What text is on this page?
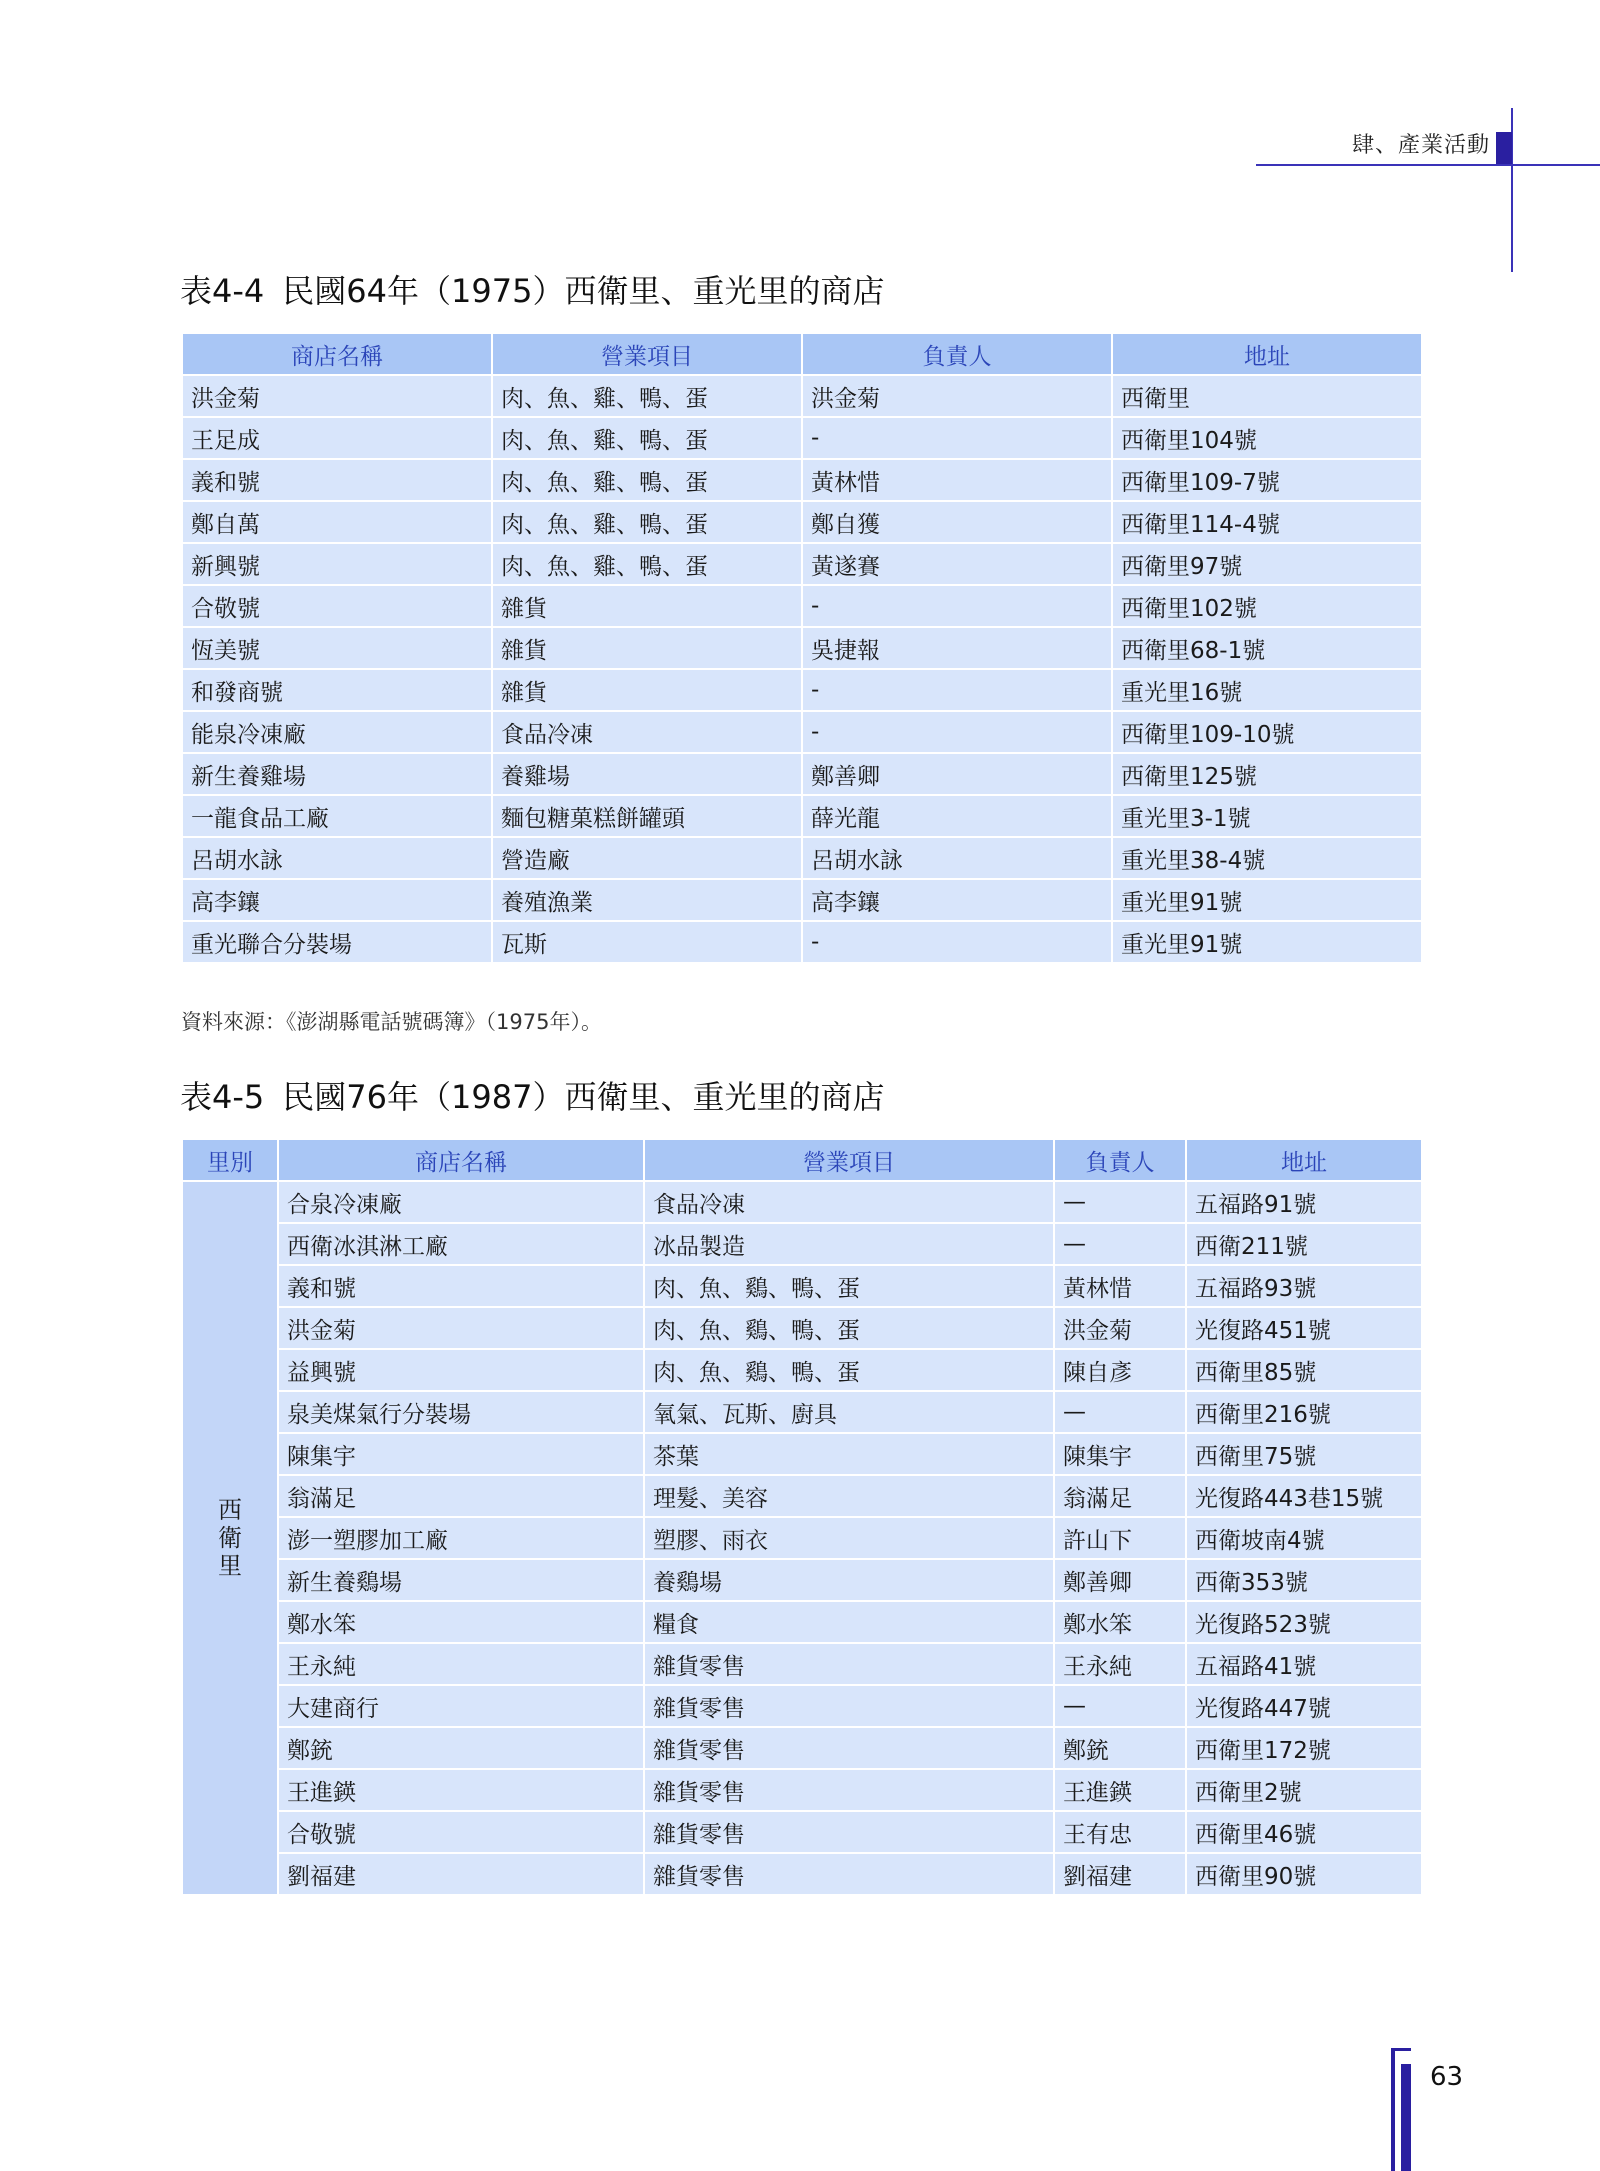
肆、產業活動
表4-4 民國64年（1975）西衛里、重光里的商店
商店名稱	營業項目	負責人	地址
洪金菊	肉、魚、雞、鴨、蛋	洪金菊	西衛里
王足成	肉、魚、雞、鴨、蛋	-	西衛里104號
義和號	肉、魚、雞、鴨、蛋	黃林惜	西衛里109-7號
鄭自萬	肉、魚、雞、鴨、蛋	鄭自獲	西衛里114-4號
新興號	肉、魚、雞、鴨、蛋	黃遂賽	西衛里97號
合敬號	雜貨	-	西衛里102號
恆美號	雜貨	吳捷報	西衛里68-1號
和發商號	雜貨	-	重光里16號
能泉冷凍廠	食品冷凍	-	西衛里109-10號
新生養雞場	養雞場	鄭善卿	西衛里125號
一龍食品工廠	麵包糖菓糕餅罐頭	薛光龍	重光里3-1號
呂胡水詠	營造廠	呂胡水詠	重光里38-4號
高李鑲	養殖漁業	高李鑲	重光里91號
重光聯合分裝場	瓦斯	-	重光里91號
資料來源：《澎湖縣電話號碼簿》（1975年）。
表4-5 民國76年（1987）西衛里、重光里的商店
里別	商店名稱	營業項目	負責人	地址

西
衛
里	合泉冷凍廠	食品冷凍	—	五福路91號
	西衛冰淇淋工廠	冰品製造	—	西衛211號
	義和號	肉、魚、鷄、鴨、蛋	黃林惜	五福路93號
	洪金菊	肉、魚、鷄、鴨、蛋	洪金菊	光復路451號
	益興號	肉、魚、鷄、鴨、蛋	陳自彥	西衛里85號
	泉美煤氣行分裝場	氧氣、瓦斯、廚具	—	西衛里216號
	陳集宇	茶葉	陳集宇	西衛里75號
	翁滿足	理髮、美容	翁滿足	光復路443巷15號
	澎一塑膠加工廠	塑膠、雨衣	許山下	西衛坡南4號
	新生養鷄場	養鷄場	鄭善卿	西衛353號
	鄭水笨	糧食	鄭水笨	光復路523號
	王永純	雜貨零售	王永純	五福路41號
	大建商行	雜貨零售	—	光復路447號
	鄭銃	雜貨零售	鄭銃	西衛里172號
	王進鍈	雜貨零售	王進鍈	西衛里2號
	合敬號	雜貨零售	王有忠	西衛里46號
	劉福建	雜貨零售	劉福建	西衛里90號
63
